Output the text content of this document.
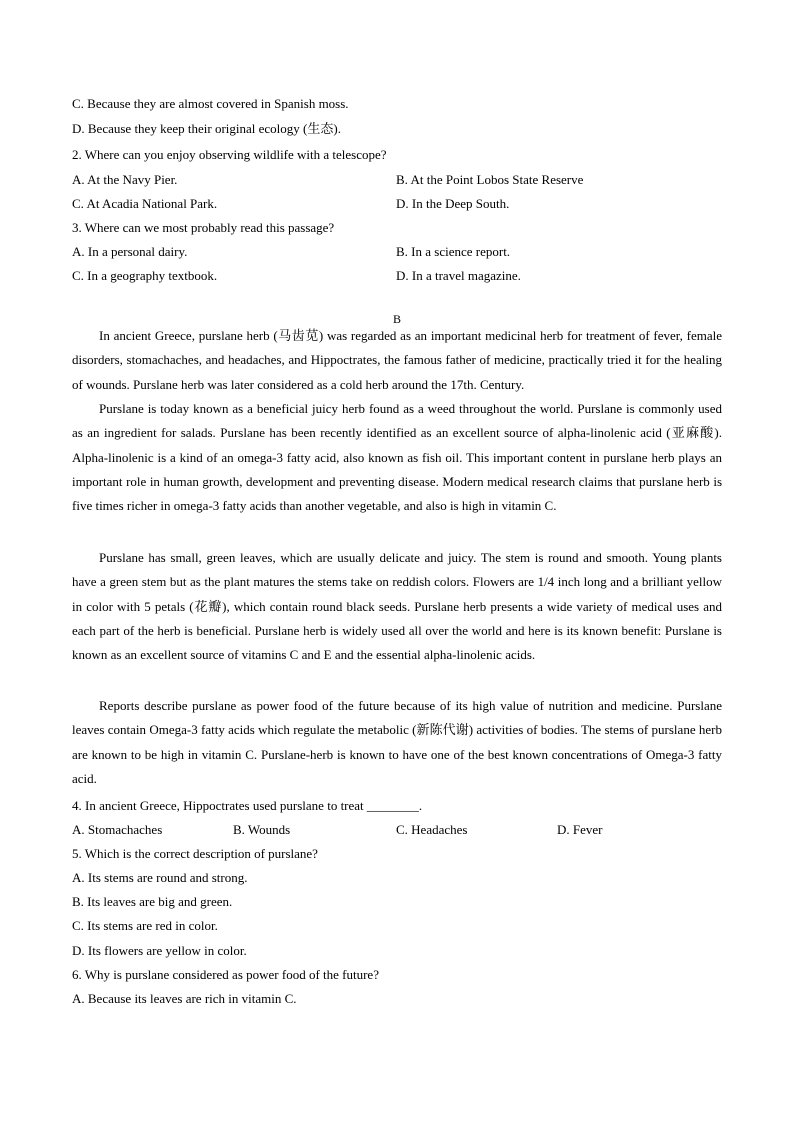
C. Because they are almost covered in Spanish moss.
D. Because they keep their original ecology (生态).
2. Where can you enjoy observing wildlife with a telescope?
A. At the Navy Pier.	B. At the Point Lobos State Reserve
C. At Acadia National Park.	D. In the Deep South.
3. Where can we most probably read this passage?
A. In a personal dairy.	B. In a science report.
C. In a geography textbook.	D. In a travel magazine.
B
In ancient Greece, purslane herb (马齿苋) was regarded as an important medicinal herb for treatment of fever, female disorders, stomachaches, and headaches, and Hippoctrates, the famous father of medicine, practically tried it for the healing of wounds. Purslane herb was later considered as a cold herb around the 17th. Century.
Purslane is today known as a beneficial juicy herb found as a weed throughout the world. Purslane is commonly used as an ingredient for salads. Purslane has been recently identified as an excellent source of alpha-linolenic acid (亚麻酸). Alpha-linolenic is a kind of an omega-3 fatty acid, also known as fish oil. This important content in purslane herb plays an important role in human growth, development and preventing disease. Modern medical research claims that purslane herb is five times richer in omega-3 fatty acids than another vegetable, and also is high in vitamin C.
Purslane has small, green leaves, which are usually delicate and juicy. The stem is round and smooth. Young plants have a green stem but as the plant matures the stems take on reddish colors. Flowers are 1/4 inch long and a brilliant yellow in color with 5 petals (花瓣), which contain round black seeds. Purslane herb presents a wide variety of medical uses and each part of the herb is beneficial. Purslane herb is widely used all over the world and here is its known benefit: Purslane is known as an excellent source of vitamins C and E and the essential alpha-linolenic acids.
Reports describe purslane as power food of the future because of its high value of nutrition and medicine. Purslane leaves contain Omega-3 fatty acids which regulate the metabolic (新陈代谢) activities of bodies. The stems of purslane herb are known to be high in vitamin C. Purslane-herb is known to have one of the best known concentrations of Omega-3 fatty acid.
4. In ancient Greece, Hippoctrates used purslane to treat ________.
A. Stomachaches	B. Wounds	C. Headaches	D. Fever
5. Which is the correct description of purslane?
A. Its stems are round and strong.
B. Its leaves are big and green.
C. Its stems are red in color.
D. Its flowers are yellow in color.
6. Why is purslane considered as power food of the future?
A. Because its leaves are rich in vitamin C.
